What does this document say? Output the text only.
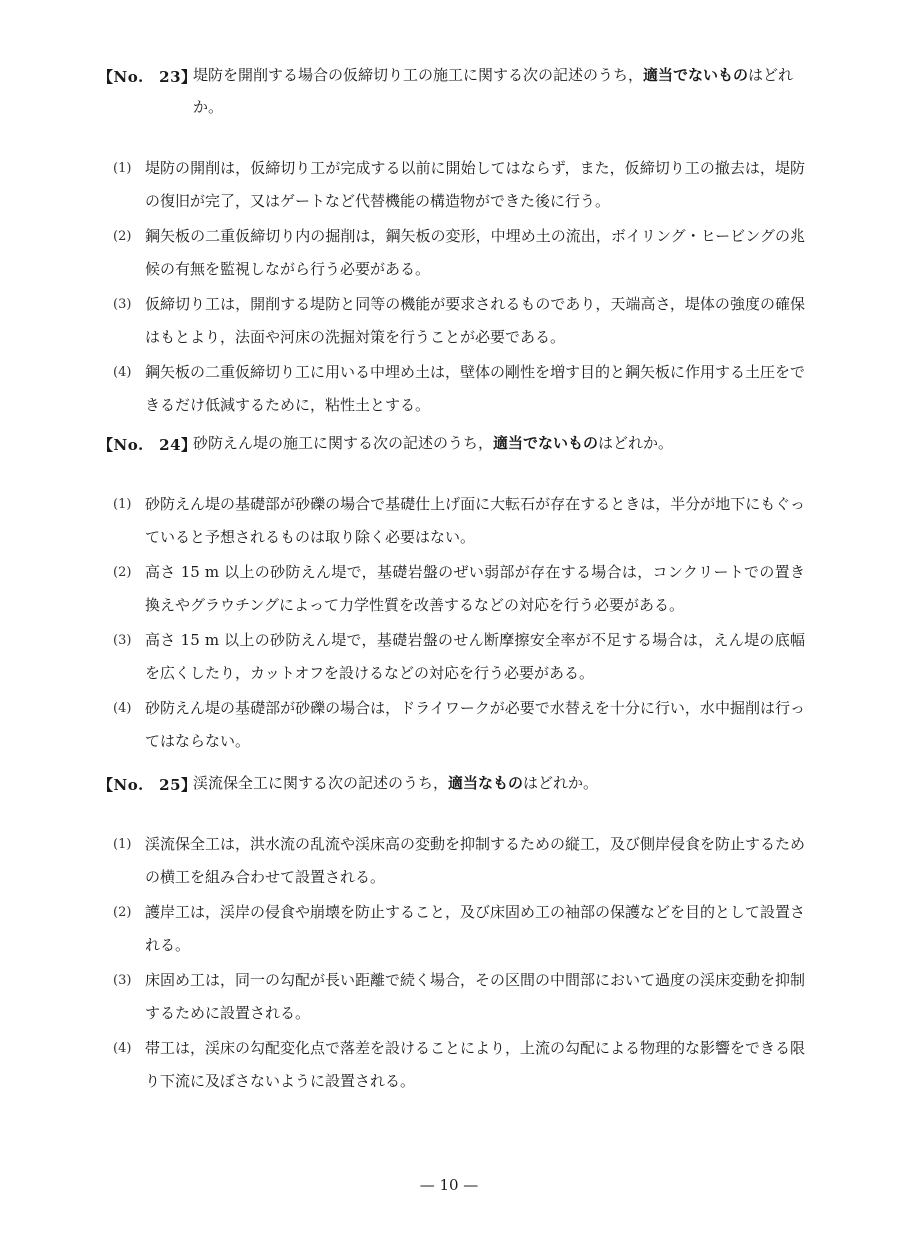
【No.　23】
堤防を開削する場合の仮締切り工の施工に関する次の記述のうち，適当でないものはどれか。
(1) 堤防の開削は，仮締切り工が完成する以前に開始してはならず，また，仮締切り工の撤去は，堤防の復旧が完了，又はゲートなど代替機能の構造物ができた後に行う。
(2) 鋼矢板の二重仮締切り内の掘削は，鋼矢板の変形，中埋め土の流出，ボイリング・ヒービングの兆候の有無を監視しながら行う必要がある。
(3) 仮締切り工は，開削する堤防と同等の機能が要求されるものであり，天端高さ，堤体の強度の確保はもとより，法面や河床の洗掘対策を行うことが必要である。
(4) 鋼矢板の二重仮締切り工に用いる中埋め土は，壁体の剛性を増す目的と鋼矢板に作用する土圧をできるだけ低減するために，粘性土とする。
【No.　24】
砂防えん堤の施工に関する次の記述のうち，適当でないものはどれか。
(1) 砂防えん堤の基礎部が砂礫の場合で基礎仕上げ面に大転石が存在するときは，半分が地下にもぐっていると予想されるものは取り除く必要はない。
(2) 高さ 15 m 以上の砂防えん堤で，基礎岩盤のぜい弱部が存在する場合は，コンクリートでの置き換えやグラウチングによって力学性質を改善するなどの対応を行う必要がある。
(3) 高さ 15 m 以上の砂防えん堤で，基礎岩盤のせん断摩擦安全率が不足する場合は，えん堤の底幅を広くしたり，カットオフを設けるなどの対応を行う必要がある。
(4) 砂防えん堤の基礎部が砂礫の場合は，ドライワークが必要で水替えを十分に行い，水中掘削は行ってはならない。
【No.　25】
渓流保全工に関する次の記述のうち，適当なものはどれか。
(1) 渓流保全工は，洪水流の乱流や渓床高の変動を抑制するための縦工，及び側岸侵食を防止するための横工を組み合わせて設置される。
(2) 護岸工は，渓岸の侵食や崩壊を防止すること，及び床固め工の袖部の保護などを目的として設置される。
(3) 床固め工は，同一の勾配が長い距離で続く場合，その区間の中間部において過度の渓床変動を抑制するために設置される。
(4) 帯工は，渓床の勾配変化点で落差を設けることにより，上流の勾配による物理的な影響をできる限り下流に及ぼさないように設置される。
— 10 —
